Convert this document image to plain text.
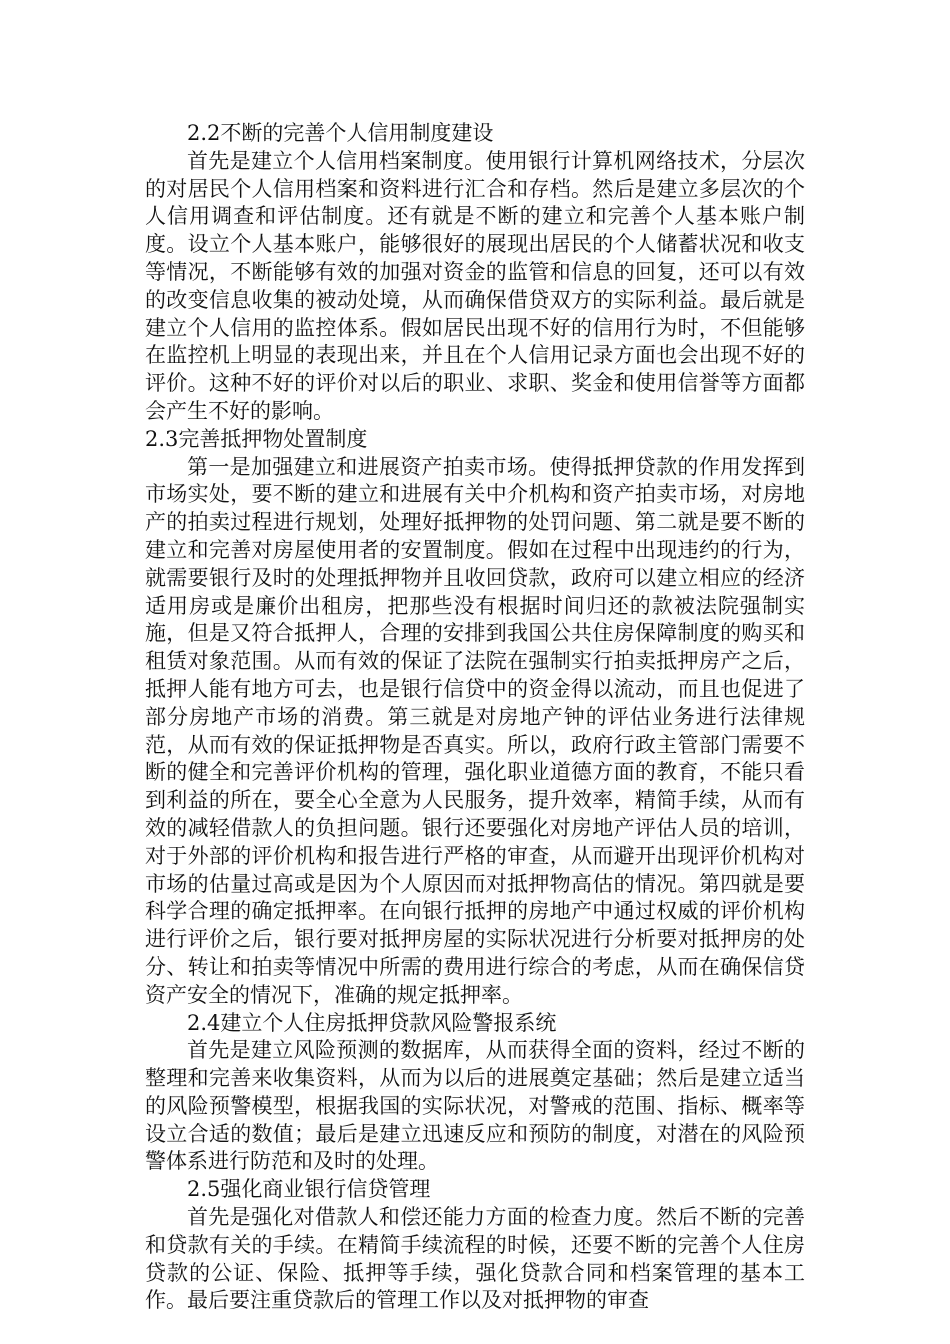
2.2不断的完善个人信用制度建设

首先是建立个人信用档案制度。使用银行计算机网络技术，分层次的对居民个人信用档案和资料进行汇合和存档。然后是建立多层次的个人信用调查和评估制度。还有就是不断的建立和完善个人基本账户制度。设立个人基本账户，能够很好的展现出居民的个人储蓄状况和收支等情况，不断能够有效的加强对资金的监管和信息的回复，还可以有效的改变信息收集的被动处境，从而确保借贷双方的实际利益。最后就是建立个人信用的监控体系。假如居民出现不好的信用行为时，不但能够在监控机上明显的表现出来，并且在个人信用记录方面也会出现不好的评价。这种不好的评价对以后的职业、求职、奖金和使用信誉等方面都会产生不好的影响。

2.3完善抵押物处置制度

第一是加强建立和进展资产拍卖市场。使得抵押贷款的作用发挥到市场实处，要不断的建立和进展有关中介机构和资产拍卖市场，对房地产的拍卖过程进行规划，处理好抵押物的处罚问题、第二就是要不断的建立和完善对房屋使用者的安置制度。假如在过程中出现违约的行为，就需要银行及时的处理抵押物并且收回贷款，政府可以建立相应的经济适用房或是廉价出租房，把那些没有根据时间归还的款被法院强制实施，但是又符合抵押人，合理的安排到我国公共住房保障制度的购买和租赁对象范围。从而有效的保证了法院在强制实行拍卖抵押房产之后，抵押人能有地方可去，也是银行信贷中的资金得以流动，而且也促进了部分房地产市场的消费。第三就是对房地产钟的评估业务进行法律规范，从而有效的保证抵押物是否真实。所以，政府行政主管部门需要不断的健全和完善评价机构的管理，强化职业道德方面的教育，不能只看到利益的所在，要全心全意为人民服务，提升效率，精简手续，从而有效的减轻借款人的负担问题。银行还要强化对房地产评估人员的培训，对于外部的评价机构和报告进行严格的审查，从而避开出现评价机构对市场的估量过高或是因为个人原因而对抵押物高估的情况。第四就是要科学合理的确定抵押率。在向银行抵押的房地产中通过权威的评价机构进行评价之后，银行要对抵押房屋的实际状况进行分析要对抵押房的处分、转让和拍卖等情况中所需的费用进行综合的考虑，从而在确保信贷资产安全的情况下，准确的规定抵押率。

2.4建立个人住房抵押贷款风险警报系统

首先是建立风险预测的数据库，从而获得全面的资料，经过不断的整理和完善来收集资料，从而为以后的进展奠定基础；然后是建立适当的风险预警模型，根据我国的实际状况，对警戒的范围、指标、概率等设立合适的数值；最后是建立迅速反应和预防的制度，对潜在的风险预警体系进行防范和及时的处理。

2.5强化商业银行信贷管理

首先是强化对借款人和偿还能力方面的检查力度。然后不断的完善和贷款有关的手续。在精简手续流程的时候，还要不断的完善个人住房贷款的公证、保险、抵押等手续，强化贷款合同和档案管理的基本工作。最后要注重贷款后的管理工作以及对抵押物的审查
